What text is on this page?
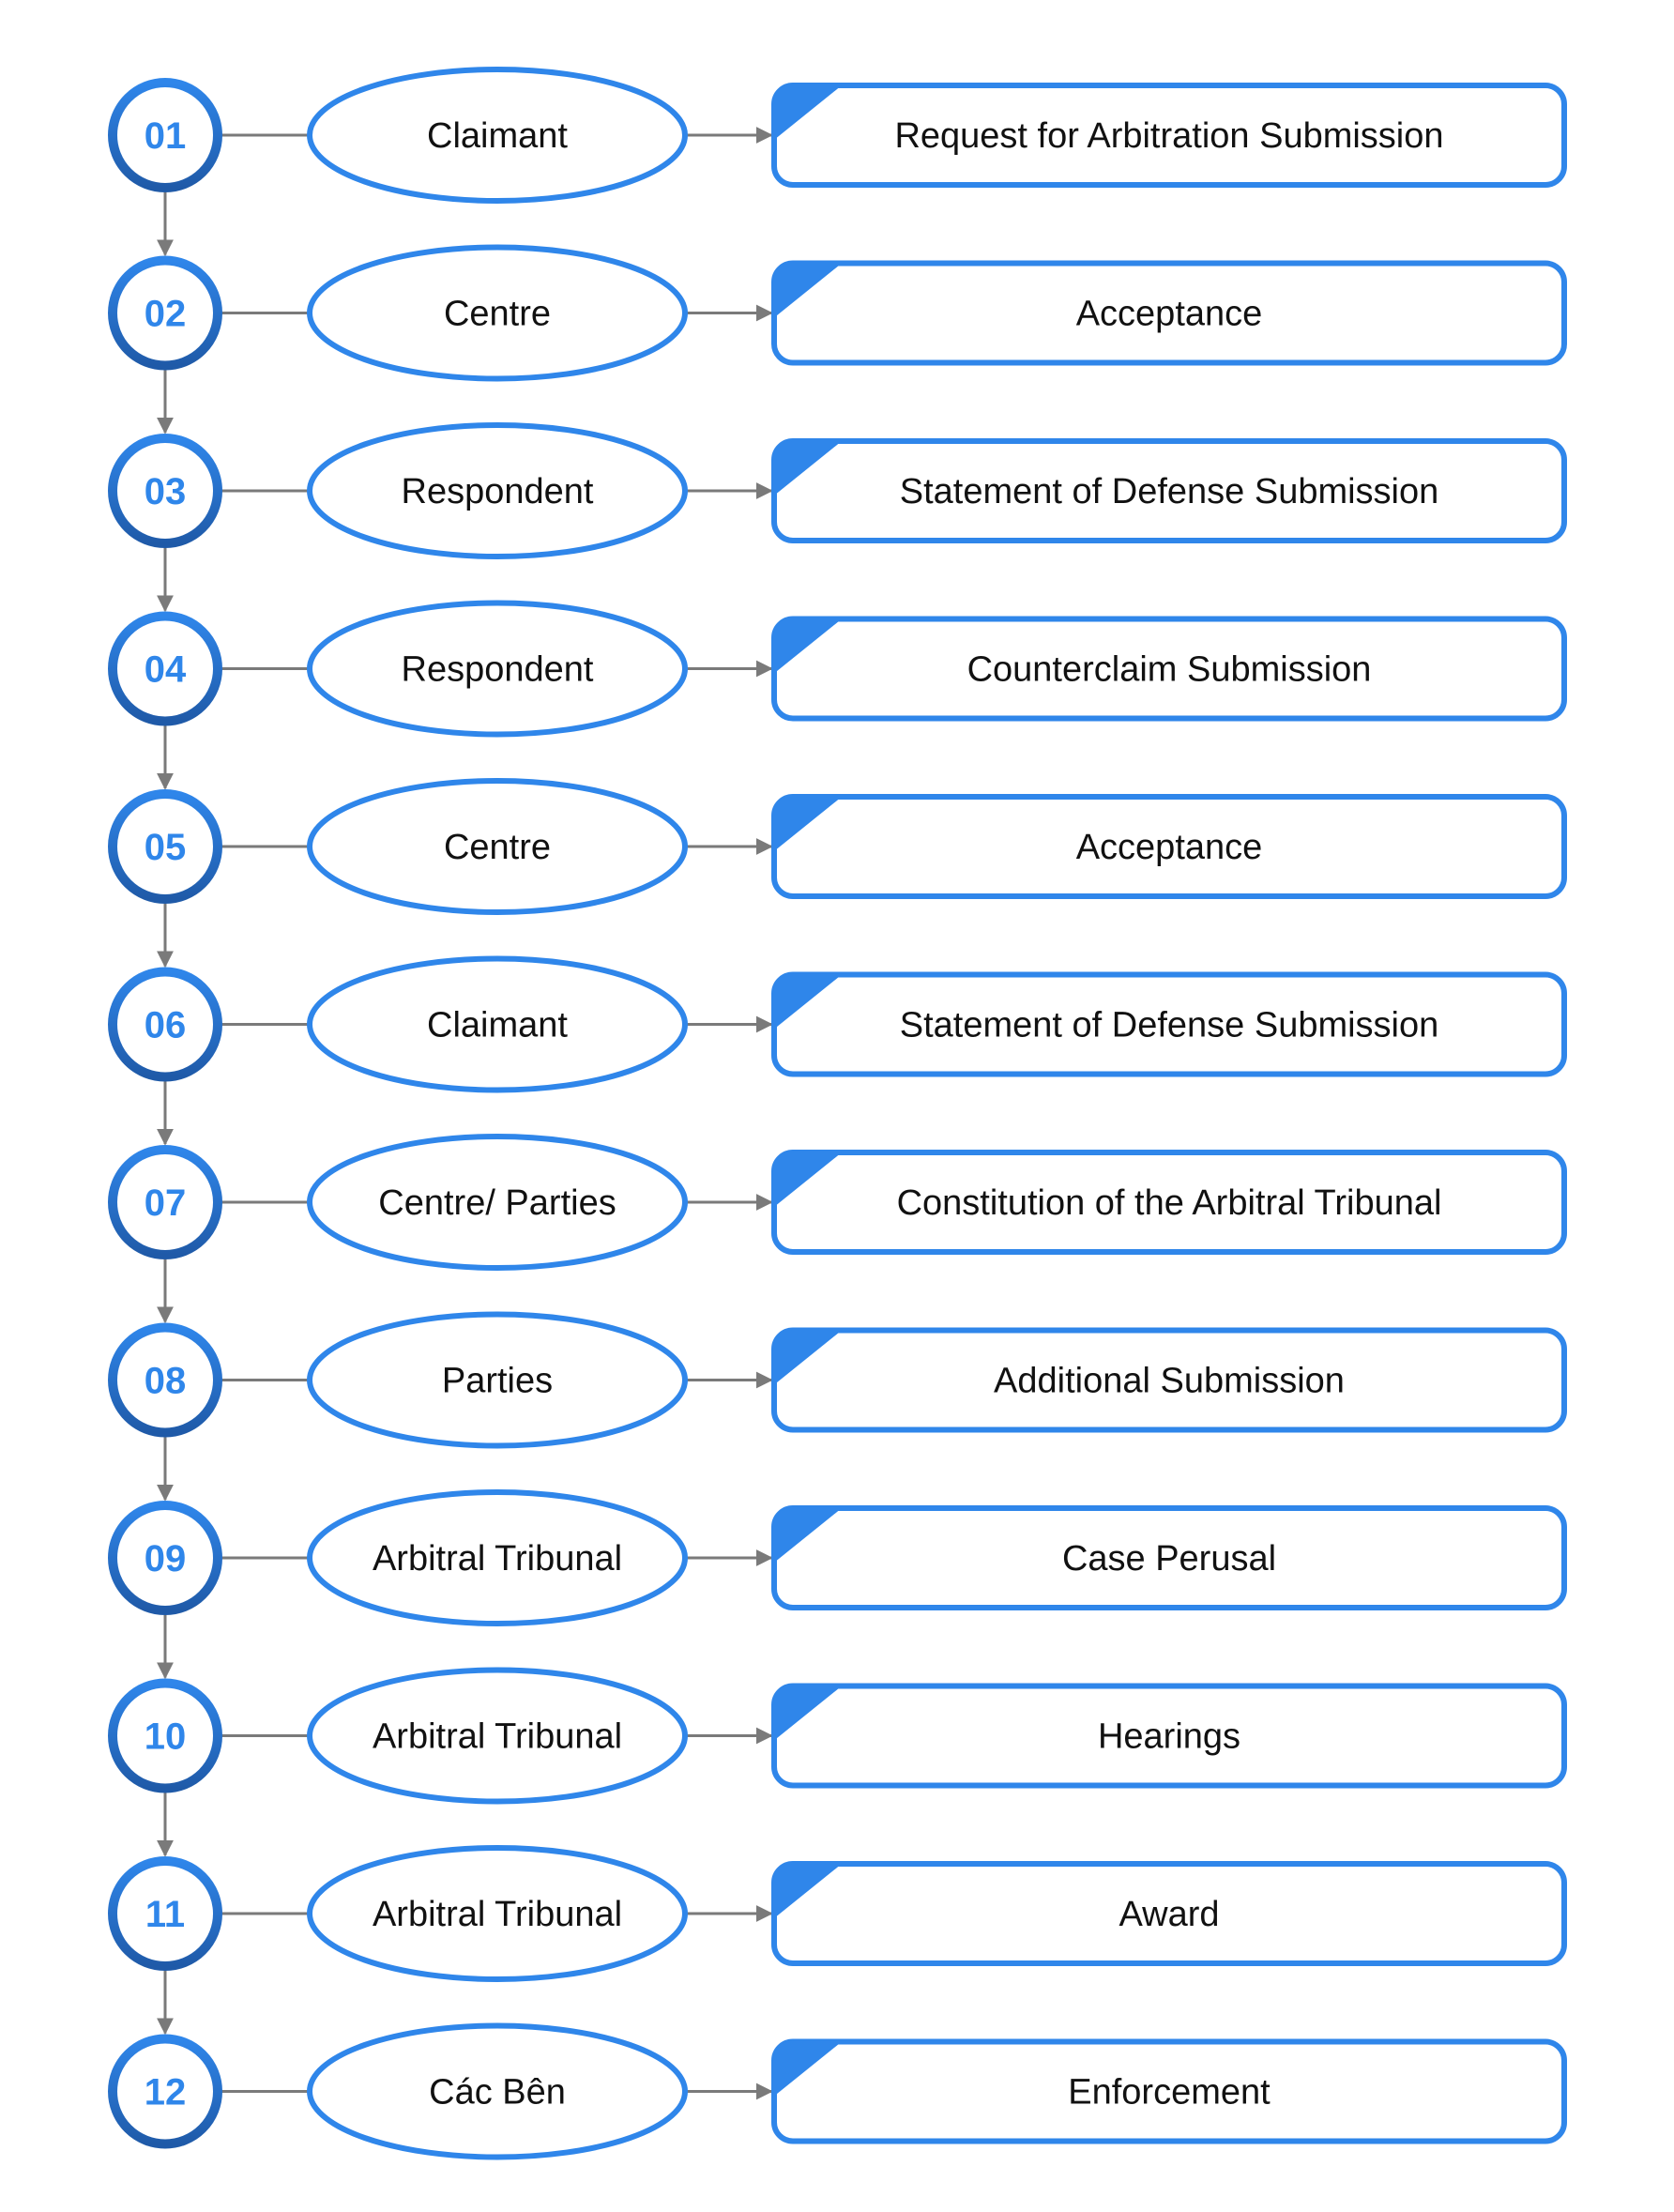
01	Claimant	Request for Arbitration Submission
02	Centre	Acceptance
03	Respondent	Statement of Defense Submission
04	Respondent	Counterclaim Submission
05	Centre	Acceptance
06	Claimant	Statement of Defense Submission
07	Centre/ Parties	Constitution of the Arbitral Tribunal
08	Parties	Additional Submission
09	Arbitral Tribunal	Case Perusal
10	Arbitral Tribunal	Hearings
11	Arbitral Tribunal	Award
12	Các Bên	Enforcement
